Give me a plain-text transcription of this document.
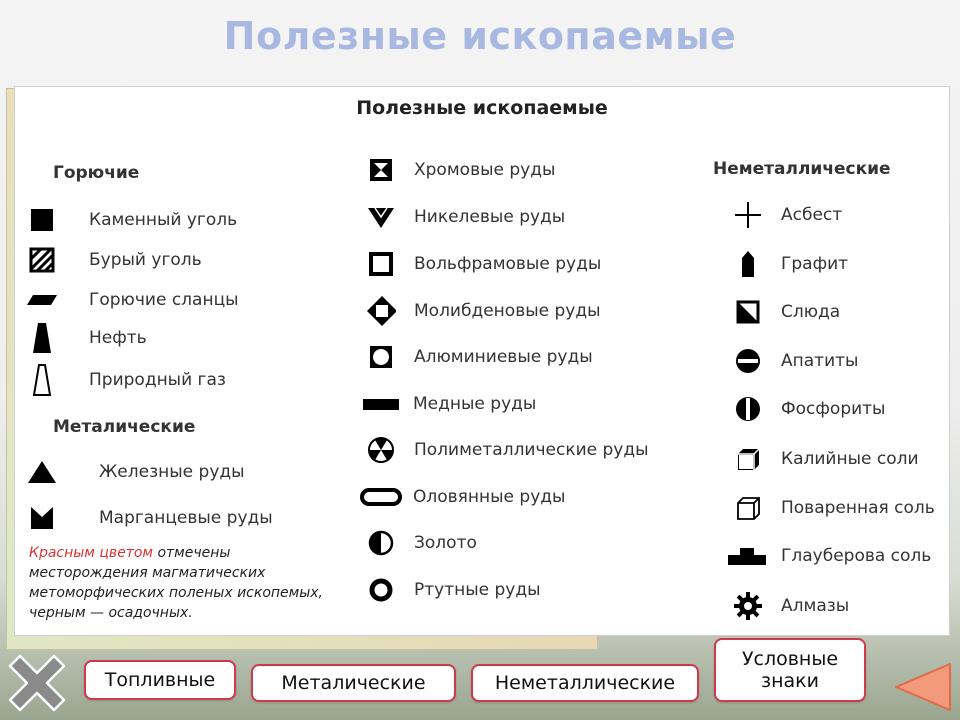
Полезные ископаемые
Полезные ископаемые
Горючие
Каменный уголь
Бурый уголь
Горючие сланцы
Нефть
Природный газ
Металические
Железные руды
Марганцевые руды
Красным цветом отмечены месторождения магматических метоморфических поленых ископемых, черным — осадочных.
Хромовые руды
Никелевые руды
Вольфрамовые руды
Молибденовые руды
Алюминиевые руды
Медные руды
Полиметаллические руды
Оловянные руды
Золото
Ртутные руды
Неметаллические
Асбест
Графит
Слюда
Апатиты
Фосфориты
Калийные соли
Поваренная соль
Глауберова соль
Алмазы
Топливные	Металические	Неметаллические
Условные знаки
